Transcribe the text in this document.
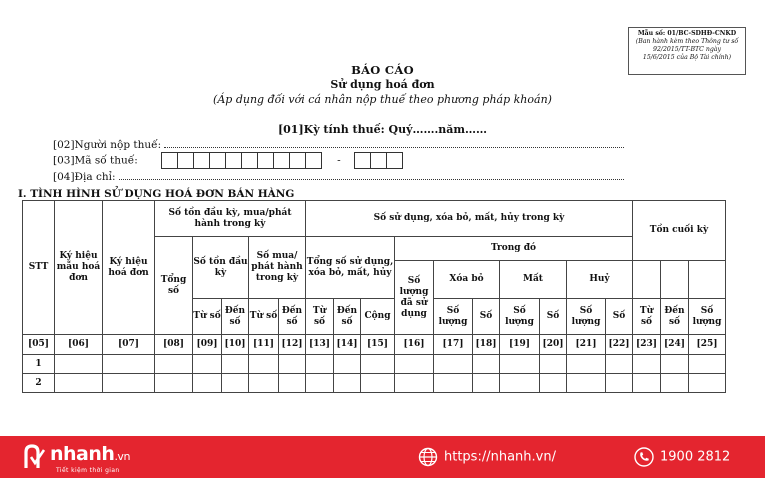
Mẫu số: 01/BC-SDHĐ-CNKD
(Ban hành kèm theo Thông tư số
92/2015/TT-BTC ngày
15/6/2015 của Bộ Tài chính)
BÁO CÁO
Sử dụng hoá đơn
(Áp dụng đối với cá nhân nộp thuế theo phương pháp khoán)
[01]Kỳ tính thuế: Quý…….năm……
[02]Người nộp thuế:
[03]Mã số thuế:	-
[04]Địa chỉ:
I. TÌNH HÌNH SỬ DỤNG HOÁ ĐƠN BÁN HÀNG
STT	Ký hiệu mẫu hoá đơn	Ký hiệu hoá đơn	Số tồn đầu kỳ, mua/phát hành trong kỳ					Số sử dụng, xóa bỏ, mất, hủy trong kỳ										Tồn cuối kỳ		
			Tổng số	Số tồn đầu kỳ		Số mua/ phát hành trong kỳ		Tổng số sử dụng, xóa bỏ, mất, hủy			Trong đó									
											Số lượng đã sử dụng	Xóa bỏ		Mất		Huỷ				
				Từ số	Đến số	Từ số	Đến số	Từ số	Đến số	Cộng		Số lượng	Số	Số lượng	Số	Số lượng	Số	Từ số	Đến số	Số lượng
[05]	[06]	[07]	[08]	[09]	[10]	[11]	[12]	[13]	[14]	[15]	[16]	[17]	[18]	[19]	[20]	[21]	[22]	[23]	[24]	[25]
1																				
2																				
nhanh.vn
Tiết kiệm thời gian
https://nhanh.vn/	1900 2812
